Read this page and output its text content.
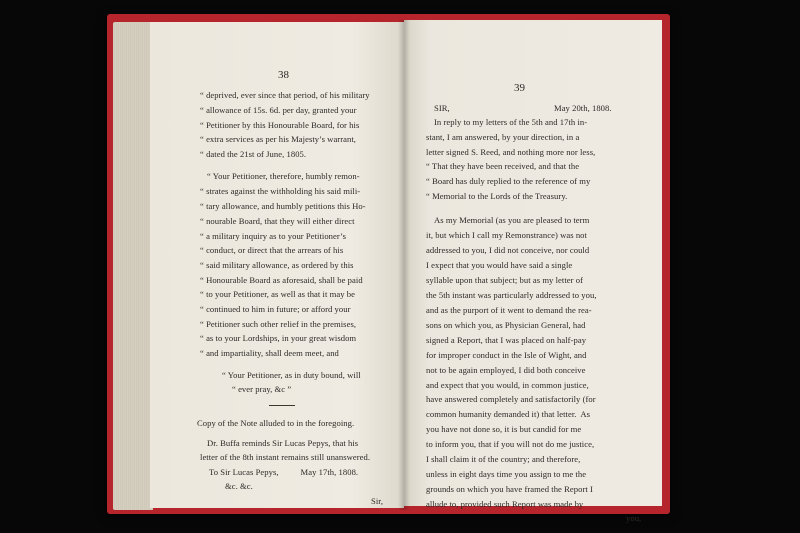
38
“ deprived, ever since that period, of his military
“ allowance of 15s. 6d. per day, granted your
“ Petitioner by this Honourable Board, for his
“ extra services as per his Majesty’s warrant,
“ dated the 21st of June, 1805.
“ Your Petitioner, therefore, humbly remon-
“ strates against the withholding his said mili-
“ tary allowance, and humbly petitions this Ho-
“ nourable Board, that they will either direct
“ a military inquiry as to your Petitioner’s
“ conduct, or direct that the arrears of his
“ said military allowance, as ordered by this
“ Honourable Board as aforesaid, shall be paid
“ to your Petitioner, as well as that it may be
“ continued to him in future; or afford your
“ Petitioner such other relief in the premises,
“ as to your Lordships, in your great wisdom
“ and impartiality, shall deem meet, and
“ Your Petitioner, as in duty bound, will
“ ever pray, &c ”
Copy of the Note alluded to in the foregoing.
Dr. Buffa reminds Sir Lucas Pepys, that his
letter of the 8th instant remains still unanswered.
To Sir Lucas Pepys,          May 17th, 1808.
&c. &c.
Sir,
39
SIR,	May 20th, 1808.
In reply to my letters of the 5th and 17th in-
stant, I am answered, by your direction, in a
letter signed S. Reed, and nothing more nor less,
“ That they have been received, and that the
“ Board has duly replied to the reference of my
“ Memorial to the Lords of the Treasury.
As my Memorial (as you are pleased to term
it, but which I call my Remonstrance) was not
addressed to you, I did not conceive, nor could
I expect that you would have said a single
syllable upon that subject; but as my letter of
the 5th instant was particularly addressed to you,
and as the purport of it went to demand the rea-
sons on which you, as Physician General, had
signed a Report, that I was placed on half-pay
for improper conduct in the Isle of Wight, and
not to be again employed, I did both conceive
and expect that you would, in common justice,
have answered completely and satisfactorily (for
common humanity demanded it) that letter.  As
you have not done so, it is but candid for me
to inform you, that if you will not do me justice,
I shall claim it of the country; and therefore,
unless in eight days time you assign to me the
grounds on which you have framed the Report I
allude to, provided such Report was made by
you,
